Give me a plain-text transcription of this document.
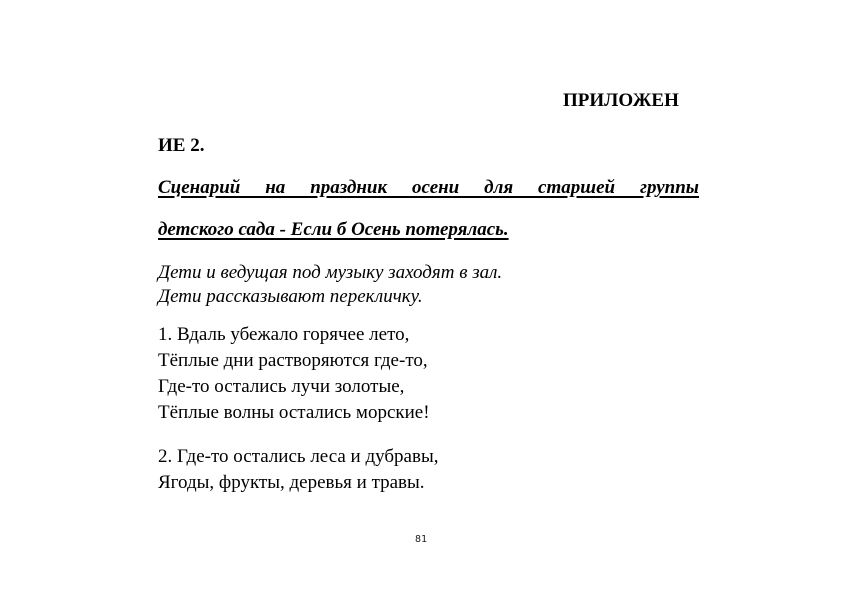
ПРИЛОЖЕН

ИЕ 2.

Сценарий на праздник осени для старшей группы

детского сада - Если б Осень потерялась.

Дети и ведущая под музыку заходят в зал.

Дети рассказывают перекличку.

1. Вдаль убежало горячее лето,

Тёплые дни растворяются где-то,

Где-то остались лучи золотые,

Тёплые волны остались морские!

2. Где-то остались леса и дубравы,

Ягоды, фрукты, деревья и травы.

81
